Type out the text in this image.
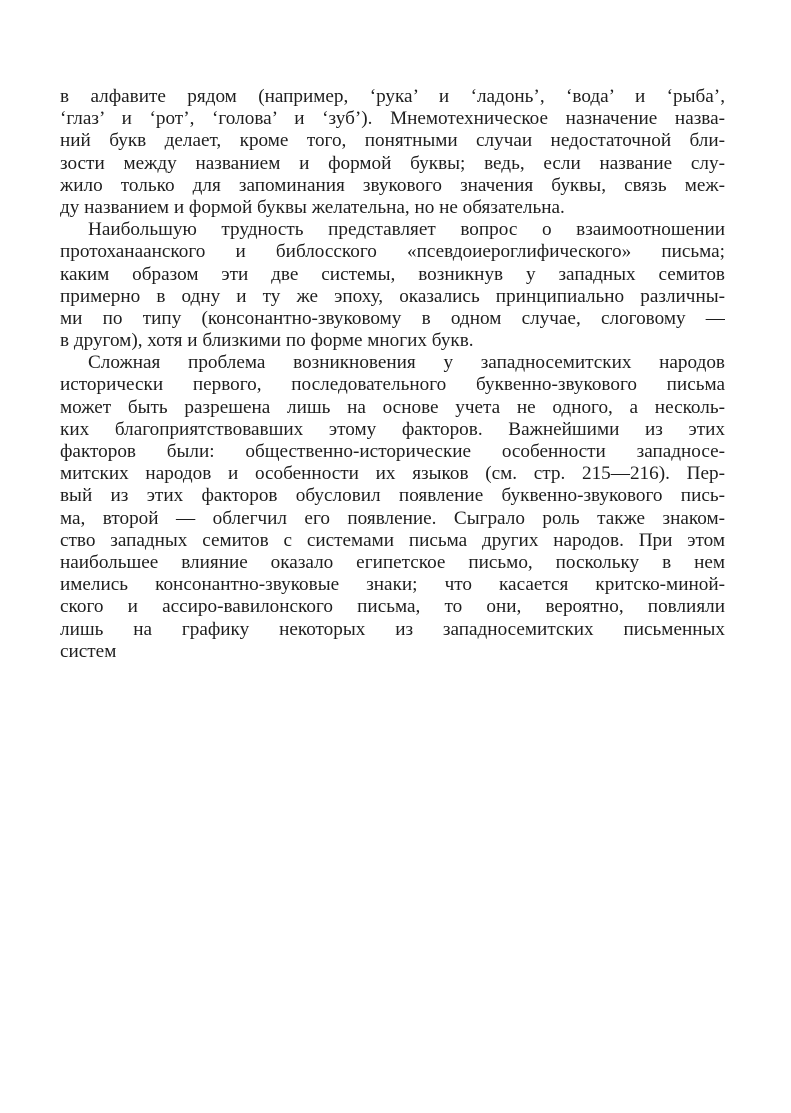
в алфавите рядом (например, ‘рука’ и ‘ладонь’, ‘вода’ и ‘рыба’,
‘глаз’ и ‘рот’, ‘голова’ и ‘зуб’). Мнемотехническое назначение назва-
ний букв делает, кроме того, понятными случаи недостаточной бли-
зости между названием и формой буквы; ведь, если название слу-
жило только для запоминания звукового значения буквы, связь меж-
ду названием и формой буквы желательна, но не обязательна.
Наибольшую трудность представляет вопрос о взаимоотношении
протоханаанского и библосского «псевдоиероглифического» письма;
каким образом эти две системы, возникнув у западных семитов
примерно в одну и ту же эпоху, оказались принципиально различны-
ми по типу (консонантно-звуковому в одном случае, слоговому —
в другом), хотя и близкими по форме многих букв.
Сложная проблема возникновения у западносемитских народов
исторически первого, последовательного буквенно-звукового письма
может быть разрешена лишь на основе учета не одного, а несколь-
ких благоприятствовавших этому факторов. Важнейшими из этих
факторов были: общественно-исторические особенности западносе-
митских народов и особенности их языков (см. стр. 215—216). Пер-
вый из этих факторов обусловил появление буквенно-звукового пись-
ма, второй — облегчил его появление. Сыграло роль также знаком-
ство западных семитов с системами письма других народов. При этом
наибольшее влияние оказало египетское письмо, поскольку в нем
имелись консонантно-звуковые знаки; что касается критско-миной-
ского и ассиро-вавилонского письма, то они, вероятно, повлияли
лишь на графику некоторых из западносемитских письменных
систем
